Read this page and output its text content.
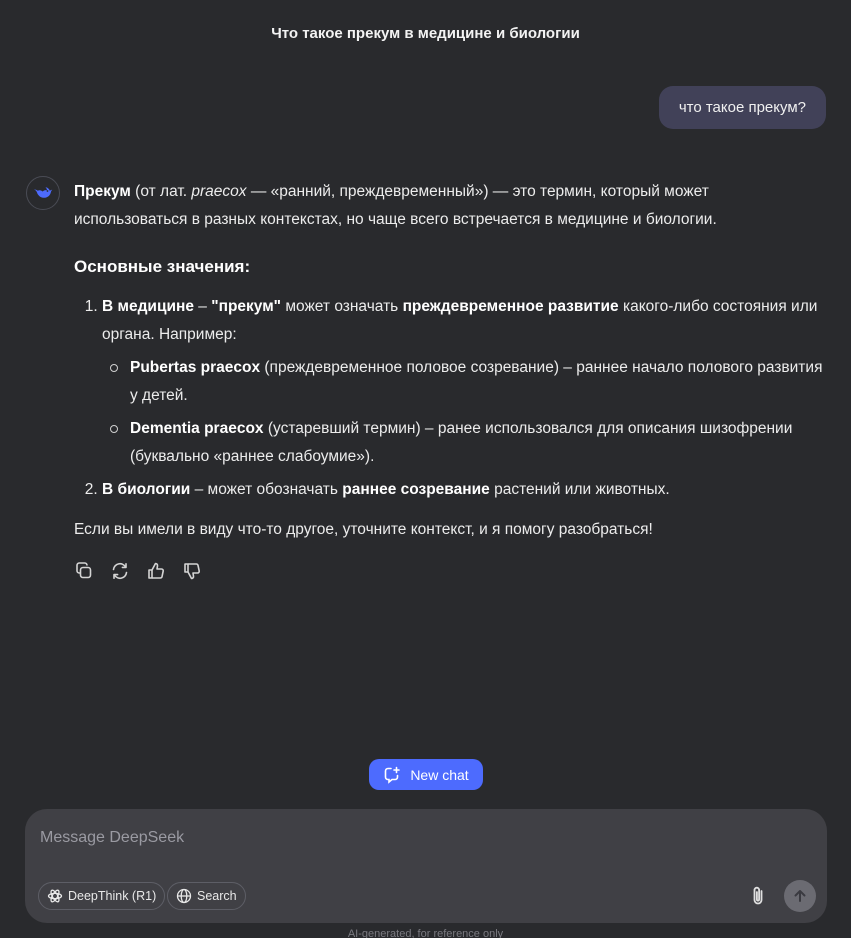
Что такое прекум в медицине и биологии
что такое прекум?

Прекум (от лат. praecox — «ранний, преждевременный») — это термин, который может использоваться в разных контекстах, но чаще всего встречается в медицине и биологии.

Основные значения:
1. В медицине – "прекум" может означать преждевременное развитие какого-либо состояния или органа. Например:
Pubertas praecox (преждевременное половое созревание) – раннее начало полового развития у детей.
Dementia praecox (устаревший термин) – ранее использовался для описания шизофрении (буквально «раннее слабоумие»).
2. В биологии – может обозначать раннее созревание растений или животных.

Если вы имели в виду что-то другое, уточните контекст, и я помогу разобраться!

New chat
Message DeepSeek
DeepThink (R1)	Search
AI-generated, for reference only
